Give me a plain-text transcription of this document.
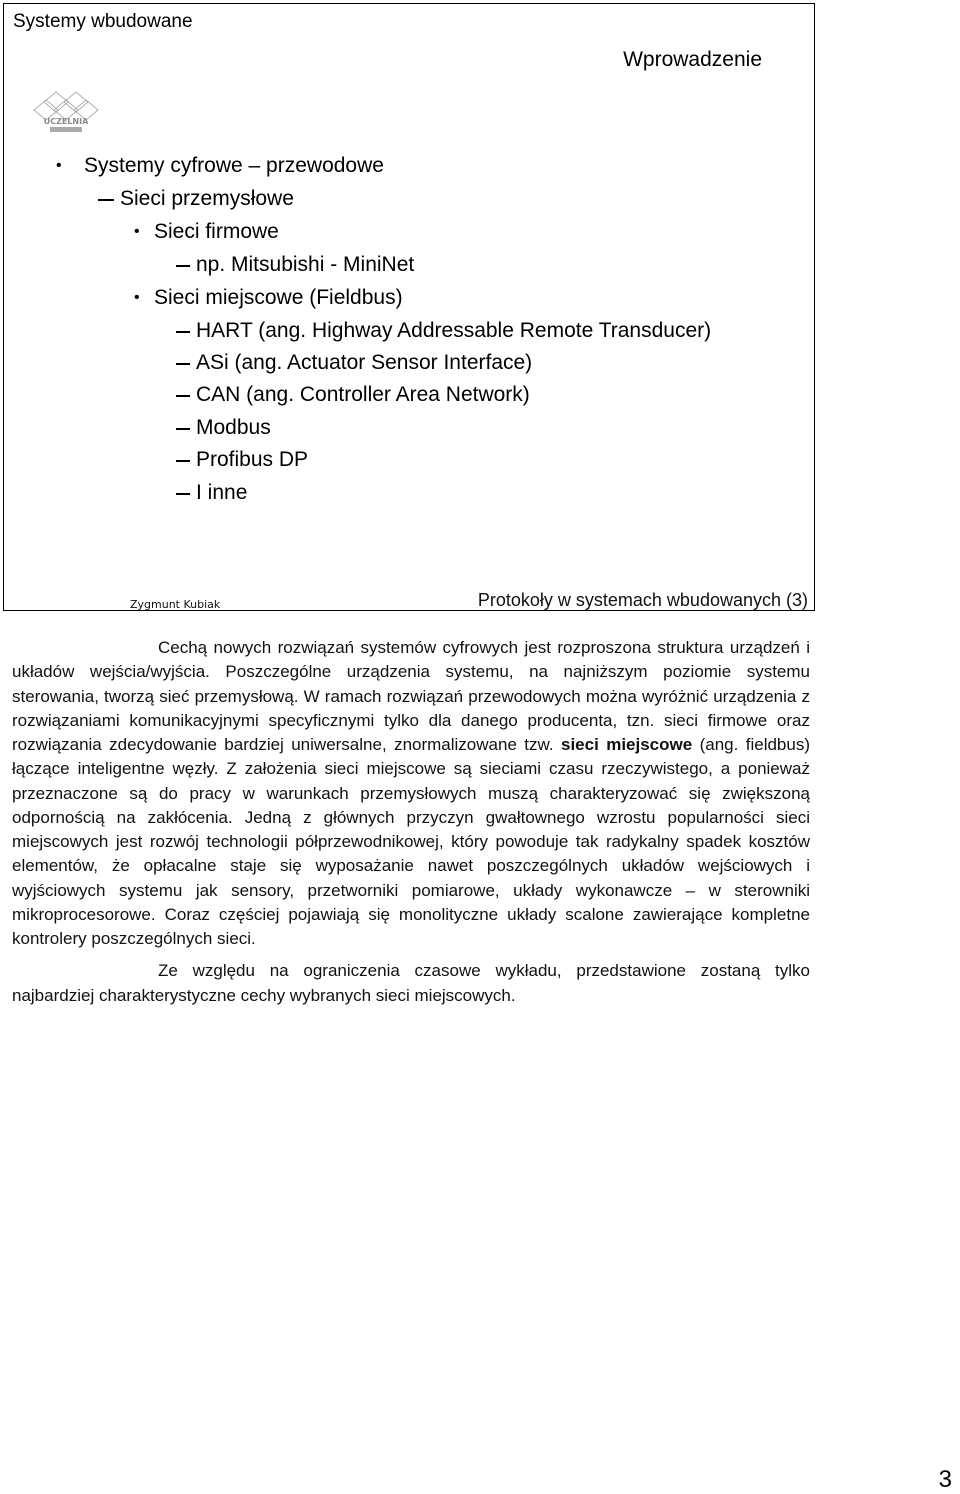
Systemy wbudowane
Wprowadzenie
UCZELNIA
• Systemy cyfrowe – przewodowe
Sieci przemysłowe
• Sieci firmowe
np. Mitsubishi - MiniNet
• Sieci miejscowe (Fieldbus)
HART (ang. Highway Addressable Remote Transducer)
ASi (ang. Actuator Sensor Interface)
CAN (ang. Controller Area Network)
Modbus
Profibus DP
I inne
Zygmunt Kubiak	Protokoły w systemach wbudowanych (3)

Cechą nowych rozwiązań systemów cyfrowych jest rozproszona struktura urządzeń i układów wejścia/wyjścia. Poszczególne urządzenia systemu, na najniższym poziomie systemu sterowania, tworzą sieć przemysłową. W ramach rozwiązań przewodowych można wyróżnić urządzenia z rozwiązaniami komunikacyjnymi specyficznymi tylko dla danego producenta, tzn. sieci firmowe oraz rozwiązania zdecydowanie bardziej uniwersalne, znormalizowane tzw. sieci miejscowe (ang. fieldbus) łączące inteligentne węzły. Z założenia sieci miejscowe są sieciami czasu rzeczywistego, a ponieważ przeznaczone są do pracy w warunkach przemysłowych muszą charakteryzować się zwiększoną odpornością na zakłócenia. Jedną z głównych przyczyn gwałtownego wzrostu popularności sieci miejscowych jest rozwój technologii półprzewodnikowej, który powoduje tak radykalny spadek kosztów elementów, że opłacalne staje się wyposażanie nawet poszczególnych układów wejściowych i wyjściowych systemu jak sensory, przetworniki pomiarowe, układy wykonawcze – w sterowniki mikroprocesorowe. Coraz częściej pojawiają się monolityczne układy scalone zawierające kompletne kontrolery poszczególnych sieci.

Ze względu na ograniczenia czasowe wykładu, przedstawione zostaną tylko najbardziej charakterystyczne cechy wybranych sieci miejscowych.

3
